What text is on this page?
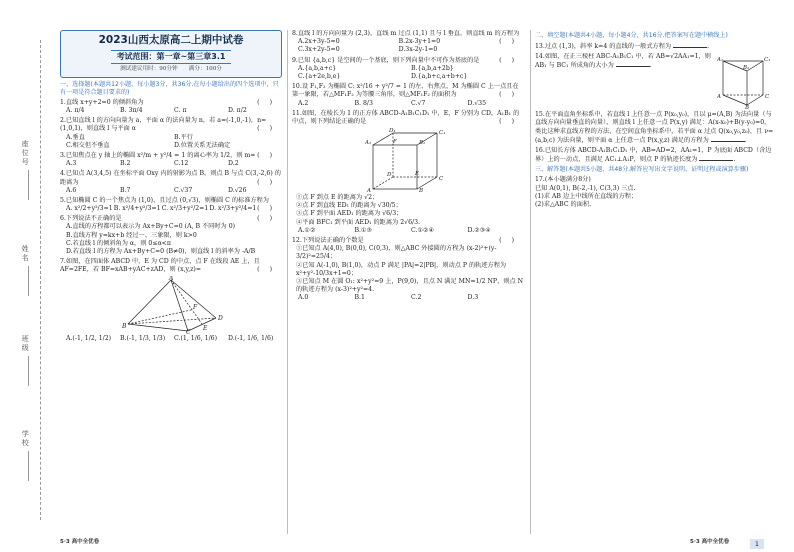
座位号
姓名
班级
学校
2023山西太原高二上期中试卷
考试范围：第一章~第三章3.1
测试建议用时：90分钟　　满分：100分
一、选择题(本题共12小题，每小题3分，共36分.在每小题给出的四个选项中，只有一项是符合题目要求的)
1.直线 x+y+2=0 的倾斜角为	()
A. π/4	B. 3π/4	C. π	D. π/2
2.已知直线 l 的方向向量为 a，平面 α 的法向量为 n，若 a=(-1,0,-1)，n=(1,0,1)，则直线 l 与平面 α	()
A.垂直	B.平行
C.相交但不垂直	D.位置关系无法确定
3.已知焦点在 y 轴上的椭圆 x²/m + y²/4 = 1 的离心率为 1/2，则 m= ()
A.3	B.2	C.12	D.2
4.已知点 A(3,4,5) 在坐标平面 Oxy 内的射影为点 B，则点 B 与点 C(3,-2,6) 的距离为	()
A.6	B.7	C.√37	D.√26
5.已知椭圆 C 的一个焦点为 (1,0)，且过点 (0,√3)，则椭圆 C 的标准方程为
()
A. x²/2+y²/3=1 B. x²/4+y²/3=1 C. x²/3+y²/2=1 D. x²/3+y²/4=1
6.下列说法不正确的是	()
A.直线的方程都可以表示为 Ax+By+C=0 (A, B 不同时为 0)
B.直线方程 y=kx+b 经过一、三象限，则 k>0
C.若直线 l 的倾斜角为 α，则 0≤α<π
D.若直线 l 的方程为 Ax+By+C=0 (B≠0)，则直线 l 的斜率为 -A/B
7.如图，在四面体 ABCD 中，E 为 CD 的中点，点 F 在线段 AE 上，且 AF=2FE，若 BF=xAB+yAC+zAD，则 (x,y,z)=	()
A
B
C
D
E
F
A.(-1, 1/2, 1/2)	B.(-1, 1/3, 1/3)	C.(1, 1/6, 1/6)	D.(-1, 1/6, 1/6)
8.直线 l 的方向向量为 (2,3)，直线 m 过点 (1,1) 且与 l 垂直，则直线 m 的方程为
()
A.2x+3y-5=0	B.2x-3y+1=0
C.3x+2y-5=0	D.3x-2y-1=0
9.已知 {a,b,c} 是空间的一个基底，则下列向量中不可作为基底的是	()
A.{a,b,a+c}	B.{a,b,a+2b}
C.{a+2e,b,e}	D.{a,b+c,a+b+c}
10.设 F₁,F₂ 为椭圆 C: x²/16 + y²/7 = 1 的左、右焦点，M 为椭圆 C 上一点且在第一象限，若△MF₁F₂ 为等腰三角形，则△MF₁F₂ 的面积为	()
A.2	B. 8/3	C.√7	D.√35
11.如图，在棱长为 1 的正方体 ABCD-A₁B₁C₁D₁ 中，E，F 分别为 CD，A₁B₁ 的中点，则下列结论正确的是	()
D₁	C₁
A₁	B₁
D
C
A	B
E
F
①点 F 到点 E 的距离为 √2；
②点 F 到直线 ED₁ 的距离为 √30/5；
③点 F 到平面 AED₁ 的距离为 √6/3；
④平面 BFC₁ 到平面 AED₁ 的距离为 2√6/3.
A.①②	B.①③	C.①②④	D.②③④
12.下列说法正确的个数是	()
①已知点 A(4,0), B(0,0), C(0,3)，则△ABC 外接圆的方程为 (x-2)²+(y-3/2)²=25/4；
②已知 A(-1,0), B(1,0)，动点 P 满足 |PA|=2|PB|，则动点 P 的轨迹方程为 x²+y²-10/3x+1=0；
③已知点 M 在圆 O₁: x²+y²=9 上，P(9,0)，且点 N 满足 MN=1/2 NP，则点 N 的轨迹方程为 (x-3)²+y²=4.
A.0	B.1	C.2	D.3
二、填空题(本题共4小题，每小题4分，共16分.把答案写在题中横线上)
13.过点 (1,3)，斜率 k=4 的直线的一般式方程为	.
A₁	C₁
B₁
A	C
B
14.如图，在正三棱柱 ABC-A₁B₁C₁ 中，若 AB=√2AA₁=1，则 AB₁ 与 BC₁ 所成角的大小为	.
15.在平面直角坐标系中，若直线 l 上任意一点 P(x₀,y₀)，且以 μ=(A,B) 为法向量（与直线方向向量垂直的向量），则直线 l 上任意一点 P(x,y) 满足：A(x-x₀)+B(y-y₀)=0，类比这种求直线方程的方法，在空间直角坐标系中，若平面 α 过点 Q(x₀,y₀,z₀)，且 ν=(a,b,c) 为法向量，则平面 α 上任意一点 P(x,y,z) 满足的方程为	.
16.已知长方体 ABCD-A₁B₁C₁D₁ 中，AB=AD=2，AA₁=1，P 为底面 ABCD（含边界）上的一动点，且满足 AC₁⊥A₁P，则点 P 的轨迹长度为	.
三、解答题(本题共5小题，共48分.解答应写出文字说明、证明过程或演算步骤)
17.(本小题满分8分)
已知 A(0,1), B(-2,-1), C(3,3) 三点.
(1)求 AB 边上中线所在直线的方程；
(2)求△ABC 的面积.
5·3 高中全优卷	5·3 高中全优卷	1
